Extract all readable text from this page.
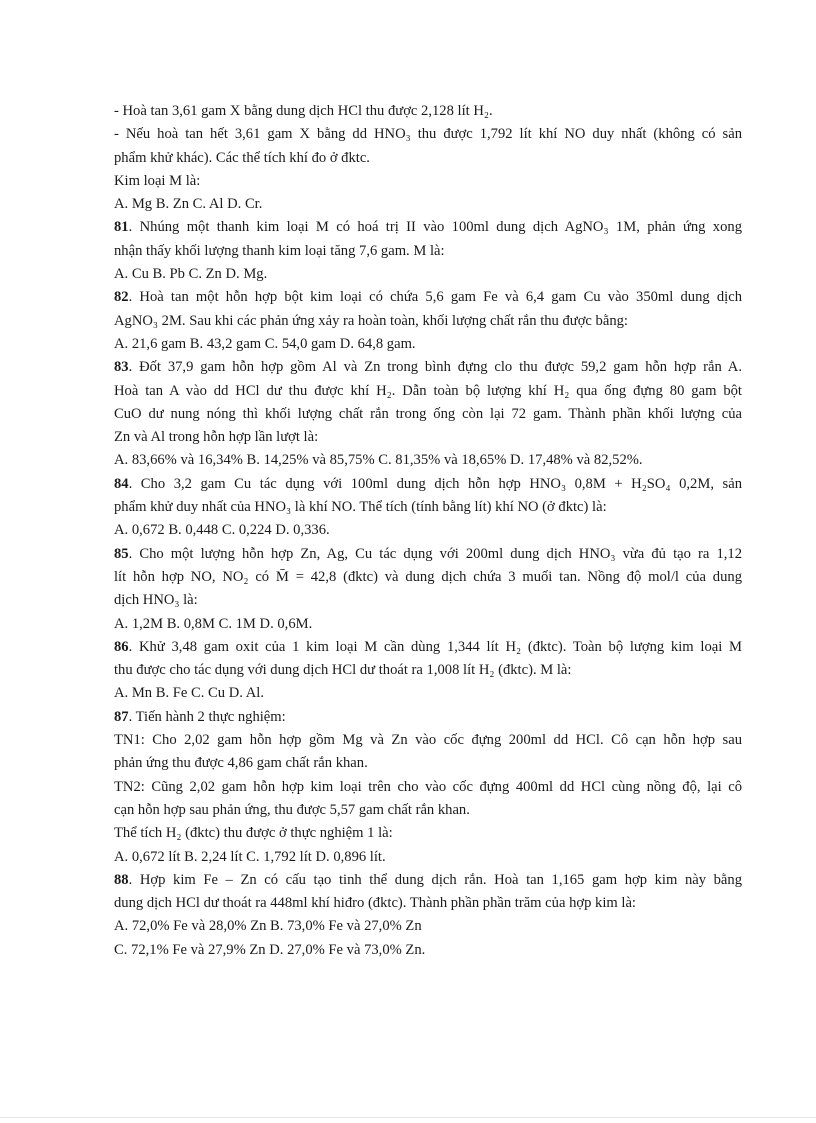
- Hoà tan 3,61 gam X bằng dung dịch HCl thu được 2,128 lít H₂.
- Nếu hoà tan hết 3,61 gam X bằng dd HNO₃ thu được 1,792 lít khí NO duy nhất (không có sản
phẩm khử khác). Các thể tích khí đo ở đktc.
Kim loại M là:
A. Mg B. Zn C. Al D. Cr.
81. Nhúng một thanh kim loại M có hoá trị II vào 100ml dung dịch AgNO₃ 1M, phản ứng xong
nhận thấy khối lượng thanh kim loại tăng 7,6 gam. M là:
A. Cu B. Pb C. Zn D. Mg.
82. Hoà tan một hỗn hợp bột kim loại có chứa 5,6 gam Fe và 6,4 gam Cu vào 350ml dung dịch
AgNO₃ 2M. Sau khi các phản ứng xảy ra hoàn toàn, khối lượng chất rắn thu được bằng:
A. 21,6 gam B. 43,2 gam C. 54,0 gam D. 64,8 gam.
83. Đốt 37,9 gam hỗn hợp gồm Al và Zn trong bình đựng clo thu được 59,2 gam hỗn hợp rắn A.
Hoà tan A vào dd HCl dư thu được khí H₂. Dẫn toàn bộ lượng khí H₂ qua ống đựng 80 gam bột
CuO dư nung nóng thì khối lượng chất rắn trong ống còn lại 72 gam. Thành phần khối lượng của
Zn và Al trong hỗn hợp lần lượt là:
A. 83,66% và 16,34% B. 14,25% và 85,75% C. 81,35% và 18,65% D. 17,48% và 82,52%.
84. Cho 3,2 gam Cu tác dụng với 100ml dung dịch hỗn hợp HNO₃ 0,8M + H₂SO₄ 0,2M, sản
phẩm khử duy nhất của HNO₃ là khí NO. Thể tích (tính bằng lít) khí NO (ở đktc) là:
A. 0,672 B. 0,448 C. 0,224 D. 0,336.
85. Cho một lượng hỗn hợp Zn, Ag, Cu tác dụng với 200ml dung dịch HNO₃ vừa đủ tạo ra 1,12
lít hỗn hợp NO, NO₂ có M̄ = 42,8 (đktc) và dung dịch chứa 3 muối tan. Nồng độ mol/l của dung
dịch HNO₃ là:
A. 1,2M B. 0,8M C. 1M D. 0,6M.
86. Khử 3,48 gam oxit của 1 kim loại M cần dùng 1,344 lít H₂ (đktc). Toàn bộ lượng kim loại M
thu được cho tác dụng với dung dịch HCl dư thoát ra 1,008 lít H₂ (đktc). M là:
A. Mn B. Fe C. Cu D. Al.
87. Tiến hành 2 thực nghiệm:
TN1: Cho 2,02 gam hỗn hợp gồm Mg và Zn vào cốc đựng 200ml dd HCl. Cô cạn hỗn hợp sau
phản ứng thu được 4,86 gam chất rắn khan.
TN2: Cũng 2,02 gam hỗn hợp kim loại trên cho vào cốc đựng 400ml dd HCl cùng nồng độ, lại cô
cạn hỗn hợp sau phản ứng, thu được 5,57 gam chất rắn khan.
Thể tích H₂ (đktc) thu được ở thực nghiệm 1 là:
A. 0,672 lít B. 2,24 lít C. 1,792 lít D. 0,896 lít.
88. Hợp kim Fe – Zn có cấu tạo tinh thể dung dịch rắn. Hoà tan 1,165 gam hợp kim này bằng
dung dịch HCl dư thoát ra 448ml khí hiđro (đktc). Thành phần phần trăm của hợp kim là:
A. 72,0% Fe và 28,0% Zn B. 73,0% Fe và 27,0% Zn
C. 72,1% Fe và 27,9% Zn D. 27,0% Fe và 73,0% Zn.
